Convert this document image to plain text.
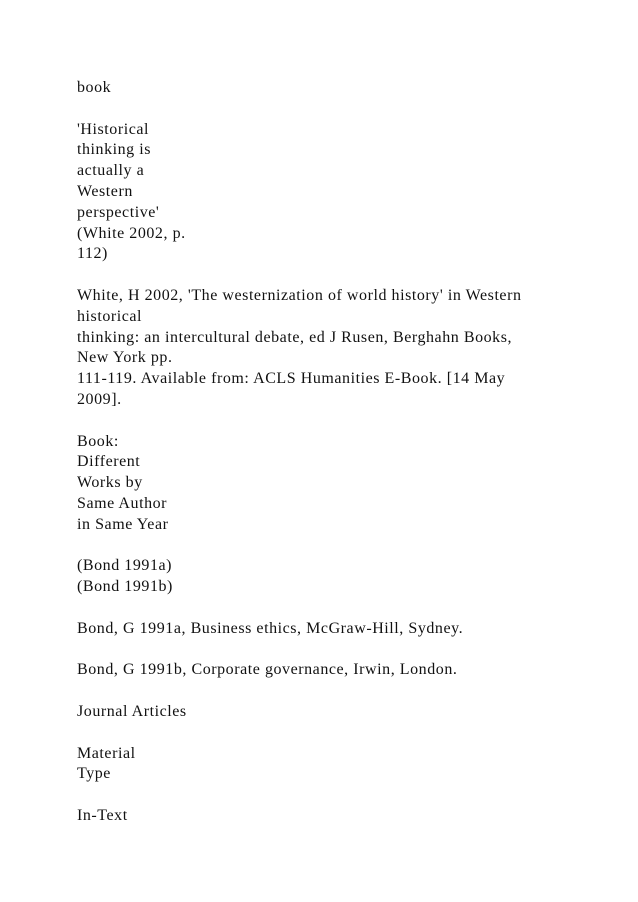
book
'Historical
thinking is
actually a
Western
perspective'
(White 2002, p.
112)
White, H 2002, 'The westernization of world history' in Western
historical
thinking: an intercultural debate, ed J Rusen, Berghahn Books,
New York pp.
111-119. Available from: ACLS Humanities E-Book. [14 May
2009].
Book:
Different
Works by
Same Author
in Same Year
(Bond 1991a)
(Bond 1991b)
Bond, G 1991a, Business ethics, McGraw-Hill, Sydney.
Bond, G 1991b, Corporate governance, Irwin, London.
Journal Articles
Material
Type
In-Text
